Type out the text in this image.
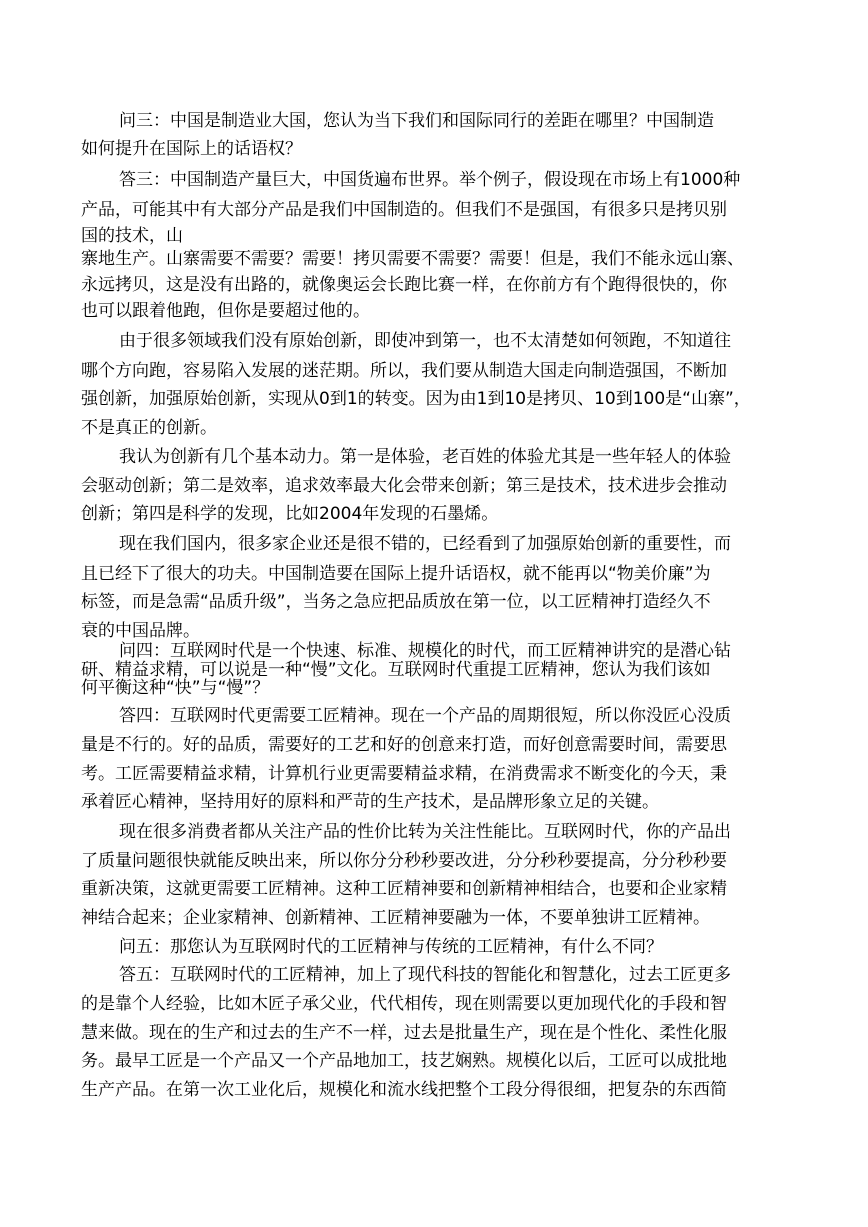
问三：中国是制造业大国，您认为当下我们和国际同行的差距在哪里？中国制造

如何提升在国际上的话语权？

答三：中国制造产量巨大，中国货遍布世界。举个例子，假设现在市场上有1000种

产品，可能其中有大部分产品是我们中国制造的。但我们不是强国，有很多只是拷贝别

国的技术，山

寨地生产。山寨需要不需要？需要！拷贝需要不需要？需要！但是，我们不能永远山寨、

永远拷贝，这是没有出路的，就像奥运会长跑比赛一样，在你前方有个跑得很快的，你

也可以跟着他跑，但你是要超过他的。

由于很多领域我们没有原始创新，即使冲到第一，也不太清楚如何领跑，不知道往

哪个方向跑，容易陷入发展的迷茫期。所以，我们要从制造大国走向制造强国，不断加

强创新，加强原始创新，实现从0到1的转变。因为由1到10是拷贝、10到100是“山寨”，

不是真正的创新。

我认为创新有几个基本动力。第一是体验，老百姓的体验尤其是一些年轻人的体验

会驱动创新；第二是效率，追求效率最大化会带来创新；第三是技术，技术进步会推动

创新；第四是科学的发现，比如2004年发现的石墨烯。

现在我们国内，很多家企业还是很不错的，已经看到了加强原始创新的重要性，而

且已经下了很大的功夫。中国制造要在国际上提升话语权，就不能再以“物美价廉”为

标签，而是急需“品质升级”，当务之急应把品质放在第一位，以工匠精神打造经久不

衰的中国品牌。

问四：互联网时代是一个快速、标准、规模化的时代，而工匠精神讲究的是潜心钻

研、精益求精，可以说是一种“慢”文化。互联网时代重提工匠精神，您认为我们该如

何平衡这种“快”与“慢”？

答四：互联网时代更需要工匠精神。现在一个产品的周期很短，所以你没匠心没质

量是不行的。好的品质，需要好的工艺和好的创意来打造，而好创意需要时间，需要思

考。工匠需要精益求精，计算机行业更需要精益求精，在消费需求不断变化的今天，秉

承着匠心精神，坚持用好的原料和严苛的生产技术，是品牌形象立足的关键。

现在很多消费者都从关注产品的性价比转为关注性能比。互联网时代，你的产品出

了质量问题很快就能反映出来，所以你分分秒秒要改进，分分秒秒要提高，分分秒秒要

重新决策，这就更需要工匠精神。这种工匠精神要和创新精神相结合，也要和企业家精

神结合起来；企业家精神、创新精神、工匠精神要融为一体，不要单独讲工匠精神。

问五：那您认为互联网时代的工匠精神与传统的工匠精神，有什么不同？

答五：互联网时代的工匠精神，加上了现代科技的智能化和智慧化，过去工匠更多

的是靠个人经验，比如木匠子承父业，代代相传，现在则需要以更加现代化的手段和智

慧来做。现在的生产和过去的生产不一样，过去是批量生产，现在是个性化、柔性化服

务。最早工匠是一个产品又一个产品地加工，技艺娴熟。规模化以后，工匠可以成批地

生产产品。在第一次工业化后，规模化和流水线把整个工段分得很细，把复杂的东西简
